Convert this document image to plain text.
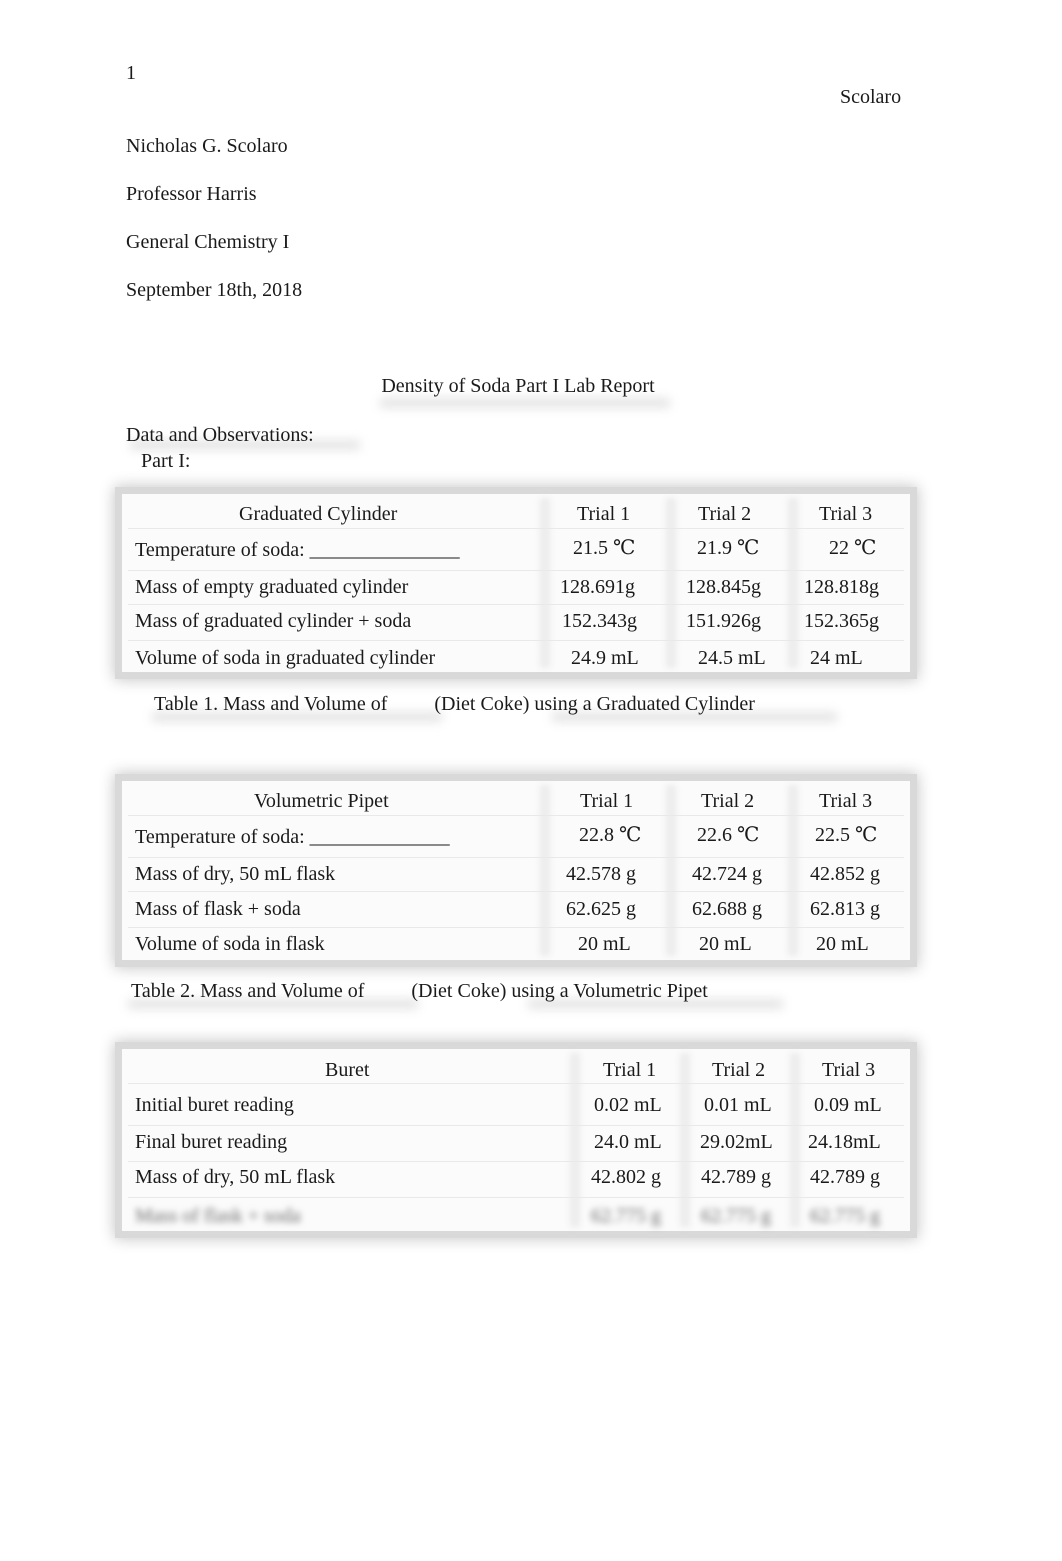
1
Scolaro
Nicholas G. Scolaro
Professor Harris
General Chemistry I
September 18th, 2018
Density of Soda Part I Lab Report
Data and Observations:
Part I:
Graduated Cylinder	Trial 1	Trial 2	Trial 3
Temperature of soda: _______________	21.5 ℃	21.9 ℃	22 ℃
Mass of empty graduated cylinder	128.691g	128.845g 128.818g
Mass of graduated cylinder + soda	152.343g 151.926g 152.365g
Volume of soda in graduated cylinder	24.9 mL	24.5 mL 24 mL
Table 1. Mass and Volume of (Diet Coke) using a Graduated Cylinder
Volumetric Pipet	Trial 1	Trial 2	Trial 3
Temperature of soda: ______________	22.8 ℃	22.6 ℃	22.5 ℃
Mass of dry, 50 mL flask	42.578 g	42.724 g 42.852 g
Mass of flask + soda	62.625 g	62.688 g 62.813 g
Volume of soda in flask	20 mL	20 mL	20 mL
Table 2. Mass and Volume of (Diet Coke) using a Volumetric Pipet
Buret	Trial 1	Trial 2	Trial 3
Initial buret reading	0.02 mL 0.01 mL 0.09 mL
Final buret reading	24.0 mL 29.02mL 24.18mL
Mass of dry, 50 mL flask	42.802 g 42.789 g 42.789 g
Mass of flask + soda	62.775 g 62.775 g 62.775 g
